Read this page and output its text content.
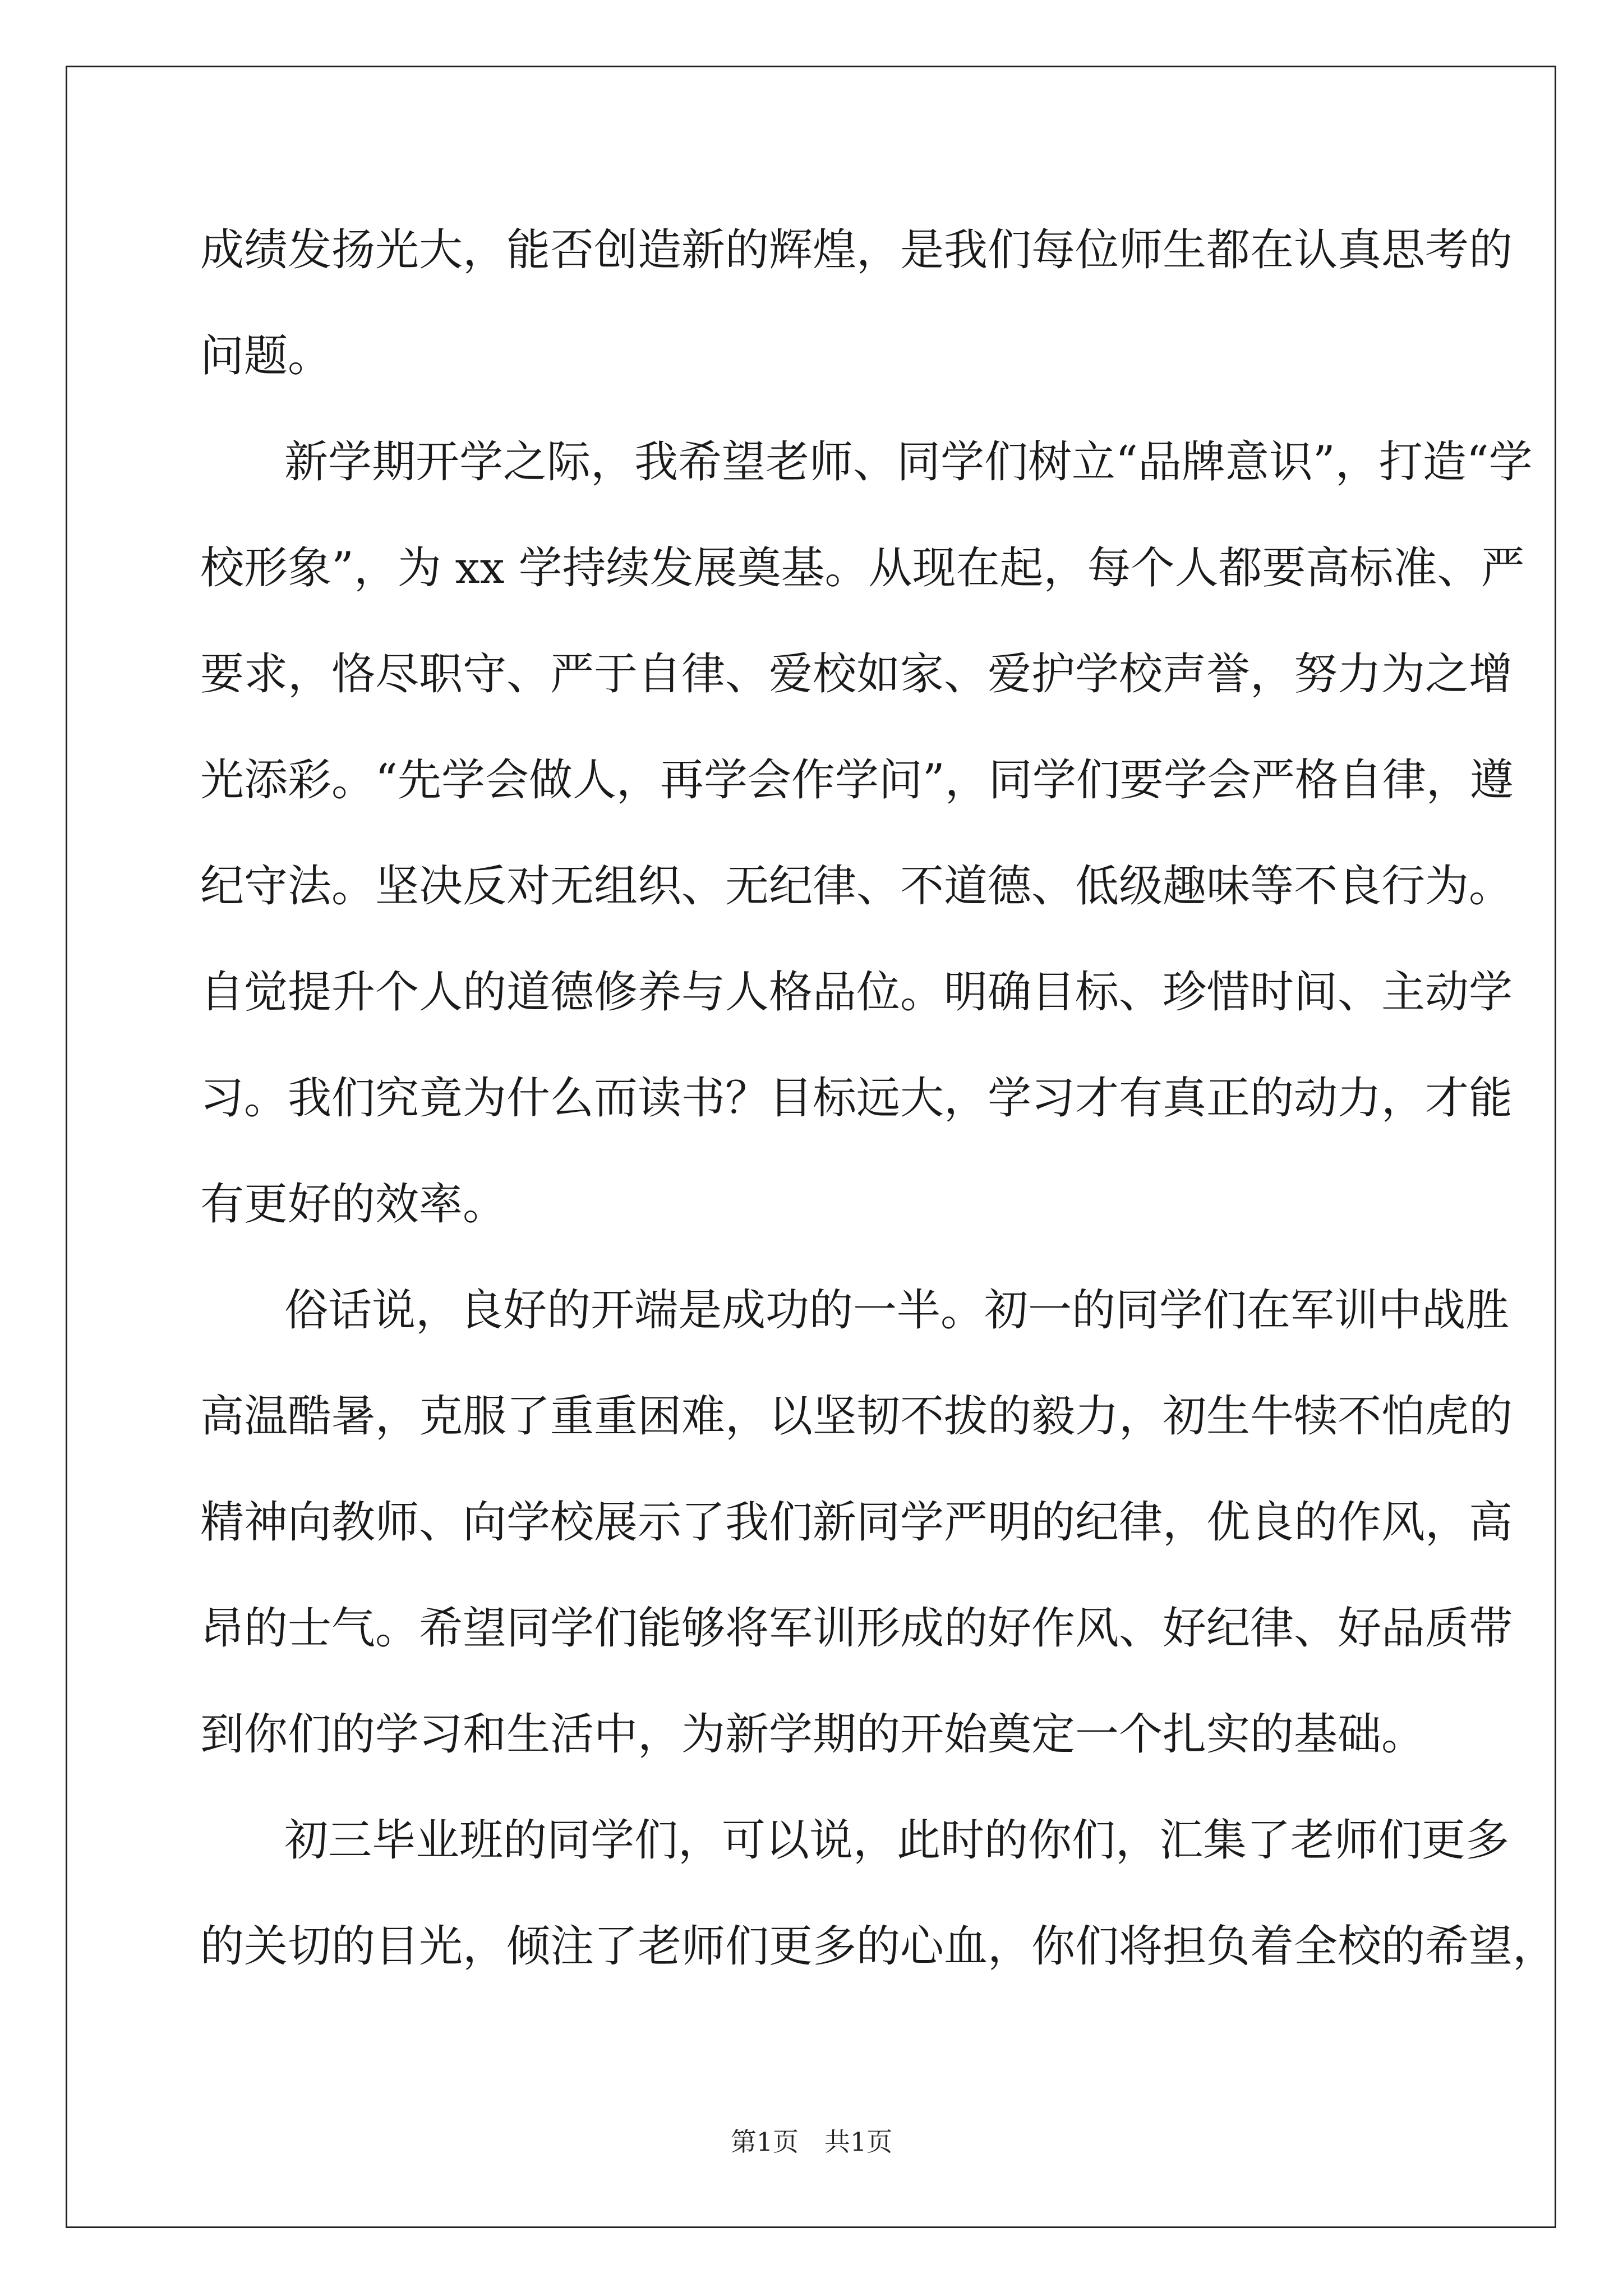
成绩发扬光大，能否创造新的辉煌，是我们每位师生都在认真思考的
问题。
新学期开学之际，我希望老师、同学们树立“品牌意识”，打造“学
校形象”，为 xx 学持续发展奠基。从现在起，每个人都要高标准、严
要求，恪尽职守、严于自律、爱校如家、爱护学校声誉，努力为之增
光添彩。“先学会做人，再学会作学问”，同学们要学会严格自律，遵
纪守法。坚决反对无组织、无纪律、不道德、低级趣味等不良行为。
自觉提升个人的道德修养与人格品位。明确目标、珍惜时间、主动学
习。我们究竟为什么而读书？目标远大，学习才有真正的动力，才能
有更好的效率。
俗话说，良好的开端是成功的一半。初一的同学们在军训中战胜
高温酷暑，克服了重重困难，以坚韧不拔的毅力，初生牛犊不怕虎的
精神向教师、向学校展示了我们新同学严明的纪律，优良的作风，高
昂的士气。希望同学们能够将军训形成的好作风、好纪律、好品质带
到你们的学习和生活中，为新学期的开始奠定一个扎实的基础。
初三毕业班的同学们，可以说，此时的你们，汇集了老师们更多
的关切的目光，倾注了老师们更多的心血，你们将担负着全校的希望，
第1页　共1页
